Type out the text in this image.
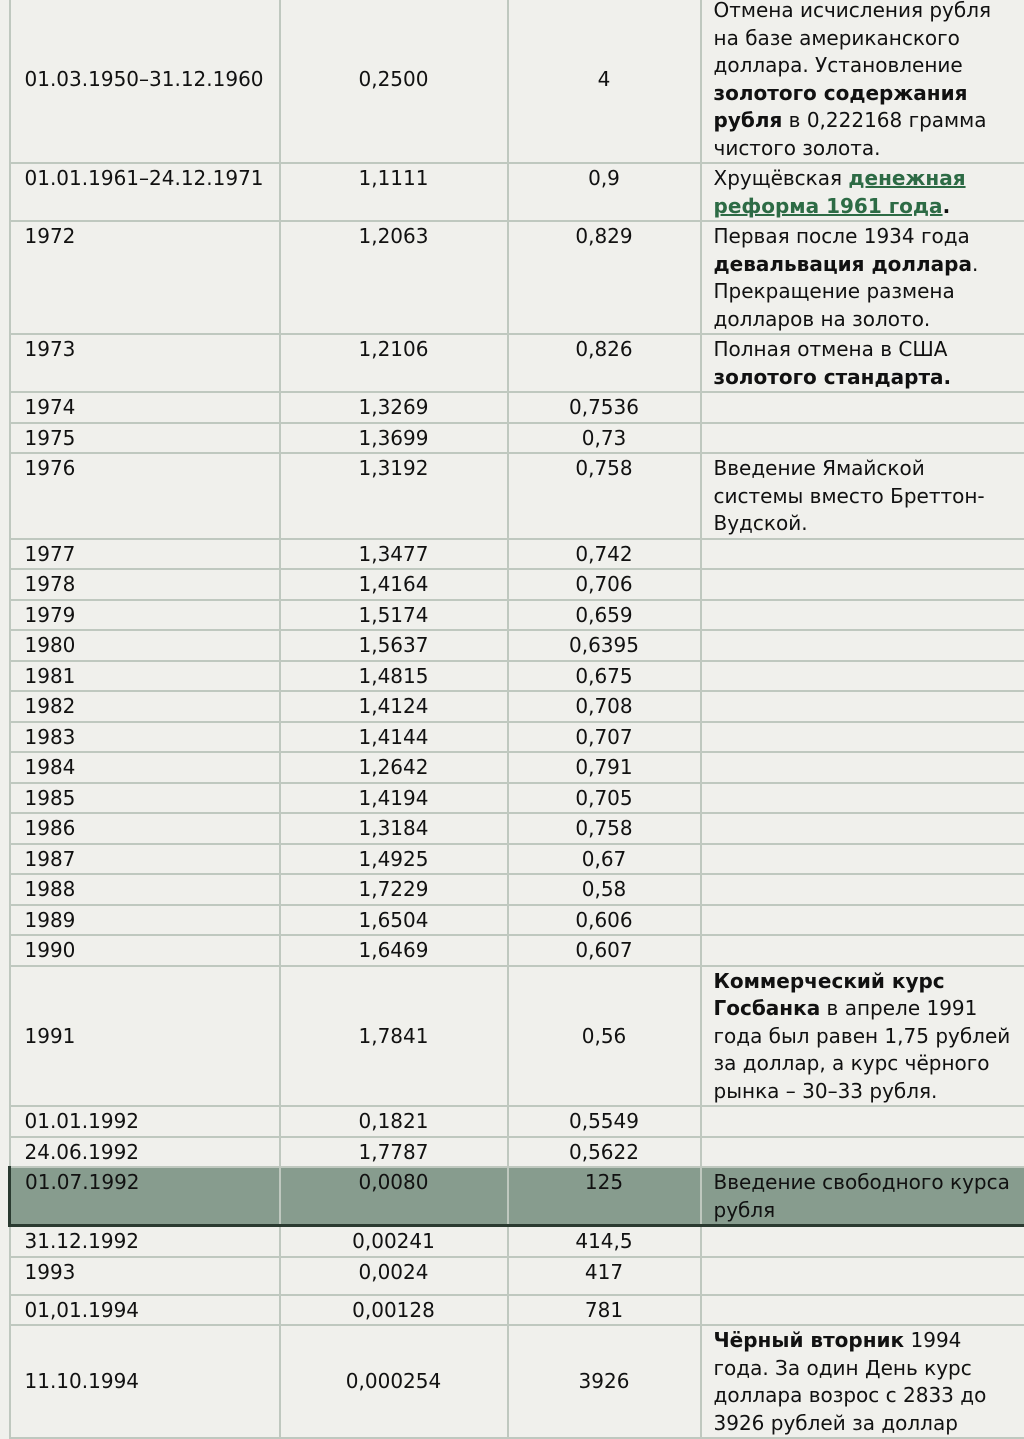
01.03.1950–31.12.1960	0,2500	4	Отмена исчисления рубля на базе американского доллара. Установление золотого содержания рубля в 0,222168 грамма чистого золота.
01.01.1961–24.12.1971	1,1111	0,9	Хрущёвская денежная реформа 1961 года.
1972	1,2063	0,829	Первая после 1934 года девальвация доллара. Прекращение размена долларов на золото.
1973	1,2106	0,826	Полная отмена в США золотого стандарта.
1974	1,3269	0,7536	
1975	1,3699	0,73	
1976	1,3192	0,758	Введение Ямайской системы вместо Бреттон-Вудской.
1977	1,3477	0,742	
1978	1,4164	0,706	
1979	1,5174	0,659	
1980	1,5637	0,6395	
1981	1,4815	0,675	
1982	1,4124	0,708	
1983	1,4144	0,707	
1984	1,2642	0,791	
1985	1,4194	0,705	
1986	1,3184	0,758	
1987	1,4925	0,67	
1988	1,7229	0,58	
1989	1,6504	0,606	
1990	1,6469	0,607	
1991	1,7841	0,56	Коммерческий курс Госбанка в апреле 1991 года был равен 1,75 рублей за доллар, а курс чёрного рынка – 30–33 рубля.
01.01.1992	0,1821	0,5549	
24.06.1992	1,7787	0,5622	
01.07.1992	0,0080	125	Введение свободного курса рубля
31.12.1992	0,00241	414,5	
1993	0,0024	417	
01,01.1994	0,00128	781	
11.10.1994	0,000254	3926	Чёрный вторник 1994 года. За один День курс доллара возрос с 2833 до 3926 рублей за доллар
